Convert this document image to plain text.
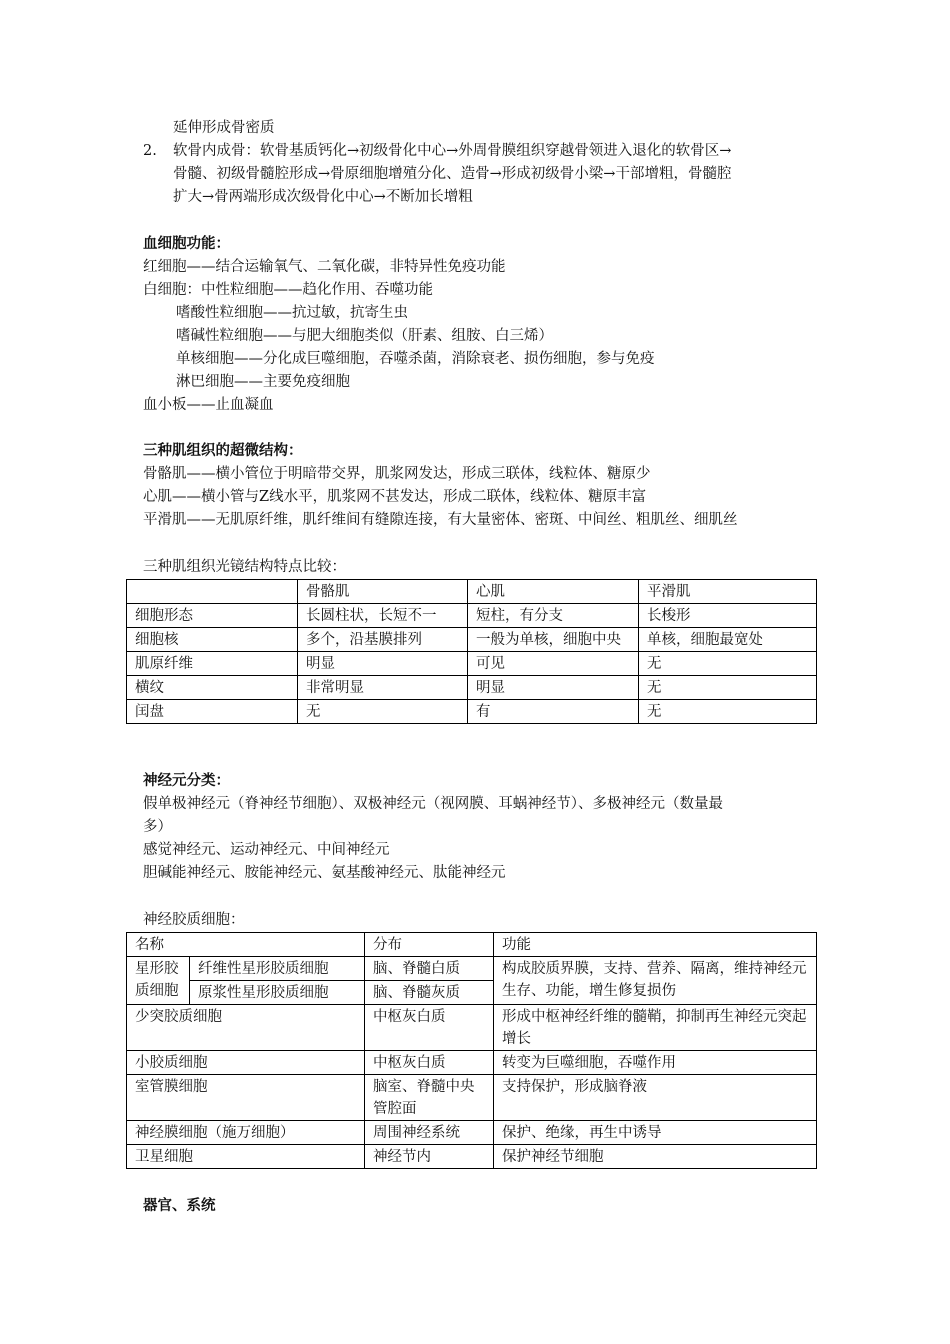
延伸形成骨密质
2. 软骨内成骨：软骨基质钙化→初级骨化中心→外周骨膜组织穿越骨领进入退化的软骨区→
骨髓、初级骨髓腔形成→骨原细胞增殖分化、造骨→形成初级骨小梁→干部增粗，骨髓腔
扩大→骨两端形成次级骨化中心→不断加长增粗
血细胞功能：
红细胞——结合运输氧气、二氧化碳，非特异性免疫功能
白细胞：中性粒细胞——趋化作用、吞噬功能
嗜酸性粒细胞——抗过敏，抗寄生虫
嗜碱性粒细胞——与肥大细胞类似（肝素、组胺、白三烯）
单核细胞——分化成巨噬细胞，吞噬杀菌，消除衰老、损伤细胞，参与免疫
淋巴细胞——主要免疫细胞
血小板——止血凝血
三种肌组织的超微结构：
骨骼肌——横小管位于明暗带交界，肌浆网发达，形成三联体，线粒体、糖原少
心肌——横小管与Z线水平，肌浆网不甚发达，形成二联体，线粒体、糖原丰富
平滑肌——无肌原纤维，肌纤维间有缝隙连接，有大量密体、密斑、中间丝、粗肌丝、细肌丝
三种肌组织光镜结构特点比较：
	骨骼肌	心肌	平滑肌
细胞形态	长圆柱状，长短不一	短柱，有分支	长梭形
细胞核	多个，沿基膜排列	一般为单核，细胞中央	单核，细胞最宽处
肌原纤维	明显	可见	无
横纹	非常明显	明显	无
闰盘	无	有	无
神经元分类：
假单极神经元（脊神经节细胞）、双极神经元（视网膜、耳蜗神经节）、多极神经元（数量最
多）
感觉神经元、运动神经元、中间神经元
胆碱能神经元、胺能神经元、氨基酸神经元、肽能神经元
神经胶质细胞：
名称		分布	功能
星形胶质细胞	纤维性星形胶质细胞	脑、脊髓白质	构成胶质界膜，支持、营养、隔离，维持神经元生存、功能，增生修复损伤
	原浆性星形胶质细胞	脑、脊髓灰质	
少突胶质细胞		中枢灰白质	形成中枢神经纤维的髓鞘，抑制再生神经元突起增长
小胶质细胞		中枢灰白质	转变为巨噬细胞，吞噬作用
室管膜细胞		脑室、脊髓中央管腔面	支持保护，形成脑脊液
神经膜细胞（施万细胞）		周围神经系统	保护、绝缘，再生中诱导
卫星细胞		神经节内	保护神经节细胞
器官、系统
